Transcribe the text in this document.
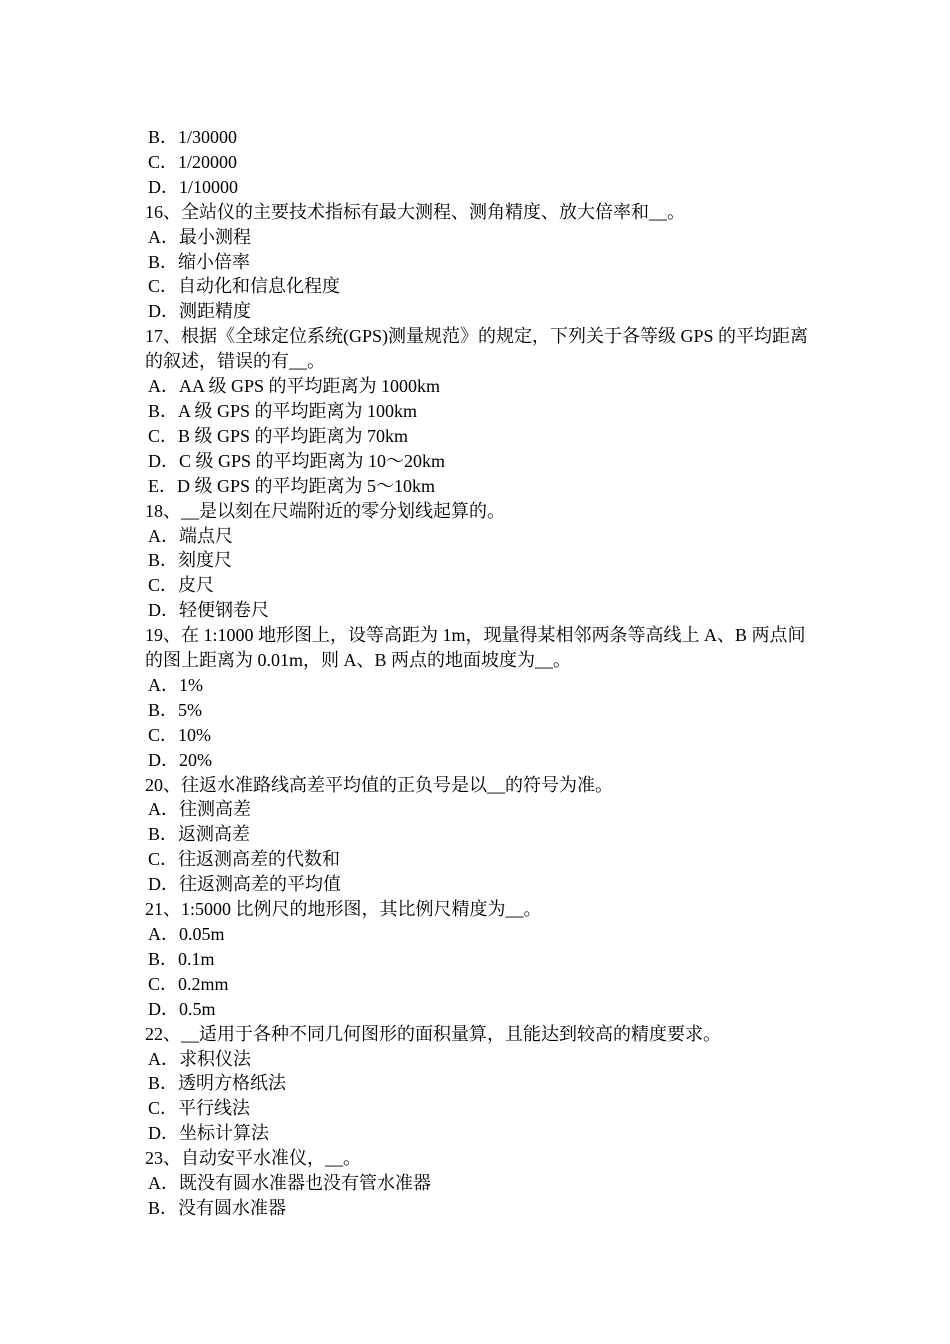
B．1/30000
C．1/20000
D．1/10000
16、全站仪的主要技术指标有最大测程、测角精度、放大倍率和__。
A．最小测程
B．缩小倍率
C．自动化和信息化程度
D．测距精度
17、根据《全球定位系统(GPS)测量规范》的规定，下列关于各等级 GPS 的平均距离的叙述，错误的有__。
A．AA 级 GPS 的平均距离为 1000km
B．A 级 GPS 的平均距离为 100km
C．B 级 GPS 的平均距离为 70km
D．C 级 GPS 的平均距离为 10～20km
E．D 级 GPS 的平均距离为 5～10km
18、__是以刻在尺端附近的零分划线起算的。
A．端点尺
B．刻度尺
C．皮尺
D．轻便钢卷尺
19、在 1:1000 地形图上，设等高距为 1m，现量得某相邻两条等高线上 A、B 两点间的图上距离为 0.01m，则 A、B 两点的地面坡度为__。
A．1%
B．5%
C．10%
D．20%
20、往返水准路线高差平均值的正负号是以__的符号为准。
A．往测高差
B．返测高差
C．往返测高差的代数和
D．往返测高差的平均值
21、1:5000 比例尺的地形图，其比例尺精度为__。
A．0.05m
B．0.1m
C．0.2mm
D．0.5m
22、__适用于各种不同几何图形的面积量算，且能达到较高的精度要求。
A．求积仪法
B．透明方格纸法
C．平行线法
D．坐标计算法
23、自动安平水准仪，__。
A．既没有圆水准器也没有管水准器
B．没有圆水准器
